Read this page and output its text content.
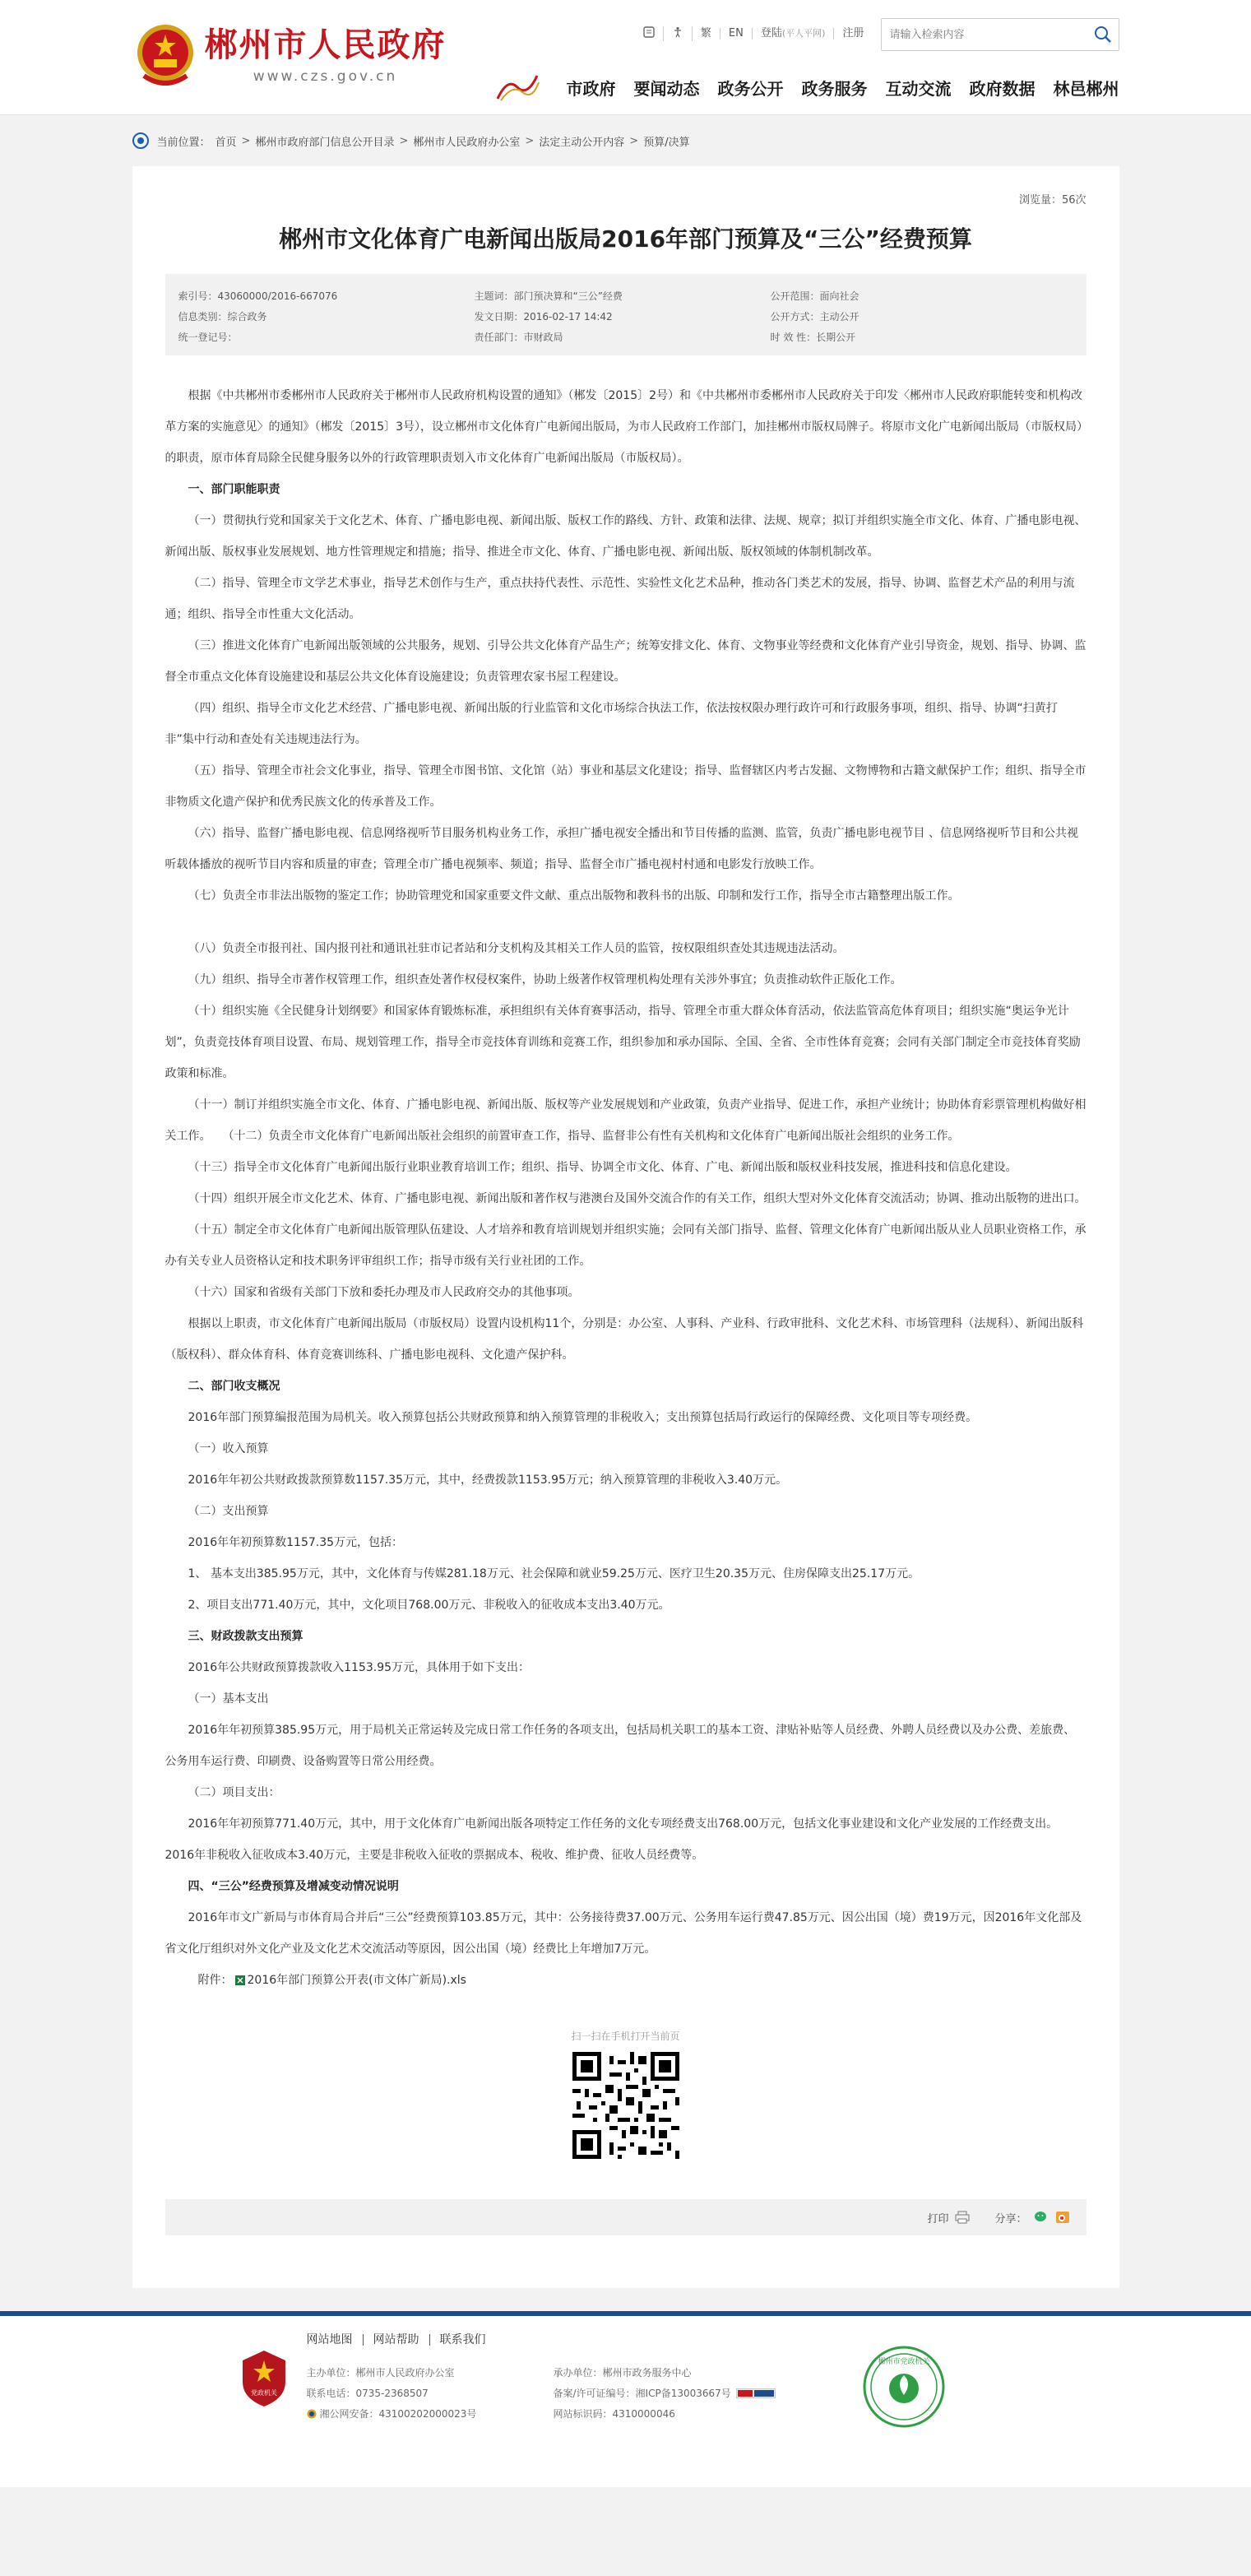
郴州市人民政府
www.czs.gov.cn
繁	EN	登陆(平人平网)	注册
请输入检索内容
市政府 要闻动态 政务公开 政务服务 互动交流 政府数据 林邑郴州
当前位置： 首页 > 郴州市政府部门信息公开目录 > 郴州市人民政府办公室 > 法定主动公开内容 > 预算/决算
浏览量：56次
郴州市文化体育广电新闻出版局2016年部门预算及“三公”经费预算
索引号：43060000/2016-667076	主题词：部门预决算和“三公”经费	公开范围：面向社会
信息类别：综合政务	发文日期：2016-02-17 14:42	公开方式：主动公开
统一登记号：	责任部门：市财政局	时 效 性：长期公开

根据《中共郴州市委郴州市人民政府关于郴州市人民政府机构设置的通知》（郴发〔2015〕2号）和《中共郴州市委郴州市人民政府关于印发〈郴州市人民政府职能转变和机构改革方案的实施意见〉的通知》（郴发〔2015〕3号），设立郴州市文化体育广电新闻出版局，为市人民政府工作部门，加挂郴州市版权局牌子。将原市文化广电新闻出版局（市版权局）的职责，原市体育局除全民健身服务以外的行政管理职责划入市文化体育广电新闻出版局（市版权局）。

一、部门职能职责

（一）贯彻执行党和国家关于文化艺术、体育、广播电影电视、新闻出版、版权工作的路线、方针、政策和法律、法规、规章；拟订并组织实施全市文化、体育、广播电影电视、新闻出版、版权事业发展规划、地方性管理规定和措施；指导、推进全市文化、体育、广播电影电视、新闻出版、版权领域的体制机制改革。

（二）指导、管理全市文学艺术事业，指导艺术创作与生产，重点扶持代表性、示范性、实验性文化艺术品种，推动各门类艺术的发展，指导、协调、监督艺术产品的利用与流通；组织、指导全市性重大文化活动。

（三）推进文化体育广电新闻出版领域的公共服务，规划、引导公共文化体育产品生产；统筹安排文化、体育、文物事业等经费和文化体育产业引导资金，规划、指导、协调、监督全市重点文化体育设施建设和基层公共文化体育设施建设；负责管理农家书屋工程建设。

（四）组织、指导全市文化艺术经营、广播电影电视、新闻出版的行业监管和文化市场综合执法工作，依法按权限办理行政许可和行政服务事项，组织、指导、协调“扫黄打非”集中行动和查处有关违规违法行为。

（五）指导、管理全市社会文化事业，指导、管理全市图书馆、文化馆（站）事业和基层文化建设；指导、监督辖区内考古发掘、文物博物和古籍文献保护工作；组织、指导全市非物质文化遗产保护和优秀民族文化的传承普及工作。

（六）指导、监督广播电影电视、信息网络视听节目服务机构业务工作，承担广播电视安全播出和节目传播的监测、监管，负责广播电影电视节目 、信息网络视听节目和公共视听载体播放的视听节目内容和质量的审查；管理全市广播电视频率、频道；指导、监督全市广播电视村村通和电影发行放映工作。

（七）负责全市非法出版物的鉴定工作；协助管理党和国家重要文件文献、重点出版物和教科书的出版、印制和发行工作，指导全市古籍整理出版工作。

（八）负责全市报刊社、国内报刊社和通讯社驻市记者站和分支机构及其相关工作人员的监管，按权限组织查处其违规违法活动。

（九）组织、指导全市著作权管理工作，组织查处著作权侵权案件，协助上级著作权管理机构处理有关涉外事宜；负责推动软件正版化工作。

（十）组织实施《全民健身计划纲要》和国家体育锻炼标准，承担组织有关体育赛事活动，指导、管理全市重大群众体育活动，依法监管高危体育项目；组织实施“奥运争光计划”，负责竞技体育项目设置、布局、规划管理工作，指导全市竞技体育训练和竞赛工作，组织参加和承办国际、全国、全省、全市性体育竞赛；会同有关部门制定全市竞技体育奖励政策和标准。

（十一）制订并组织实施全市文化、体育、广播电影电视、新闻出版、版权等产业发展规划和产业政策，负责产业指导、促进工作，承担产业统计；协助体育彩票管理机构做好相关工作。　　（十二）负责全市文化体育广电新闻出版社会组织的前置审查工作，指导、监督非公有性有关机构和文化体育广电新闻出版社会组织的业务工作。

（十三）指导全市文化体育广电新闻出版行业职业教育培训工作；组织、指导、协调全市文化、体育、广电、新闻出版和版权业科技发展，推进科技和信息化建设。

（十四）组织开展全市文化艺术、体育、广播电影电视、新闻出版和著作权与港澳台及国外交流合作的有关工作，组织大型对外文化体育交流活动；协调、推动出版物的进出口。

（十五）制定全市文化体育广电新闻出版管理队伍建设、人才培养和教育培训规划并组织实施；会同有关部门指导、监督、管理文化体育广电新闻出版从业人员职业资格工作，承办有关专业人员资格认定和技术职务评审组织工作；指导市级有关行业社团的工作。

（十六）国家和省级有关部门下放和委托办理及市人民政府交办的其他事项。

根据以上职责，市文化体育广电新闻出版局（市版权局）设置内设机构11个，分别是：办公室、人事科、产业科、行政审批科、文化艺术科、市场管理科（法规科）、新闻出版科（版权科）、群众体育科、体育竞赛训练科、广播电影电视科、文化遗产保护科。

二、部门收支概况

2016年部门预算编报范围为局机关。收入预算包括公共财政预算和纳入预算管理的非税收入；支出预算包括局行政运行的保障经费、文化项目等专项经费。

（一）收入预算

2016年年初公共财政拨款预算数1157.35万元，其中，经费拨款1153.95万元；纳入预算管理的非税收入3.40万元。

（二）支出预算

2016年年初预算数1157.35万元，包括：

1、 基本支出385.95万元，其中，文化体育与传媒281.18万元、社会保障和就业59.25万元、医疗卫生20.35万元、住房保障支出25.17万元。

2、项目支出771.40万元，其中，文化项目768.00万元、非税收入的征收成本支出3.40万元。

三、财政拨款支出预算

2016年公共财政预算拨款收入1153.95万元，具体用于如下支出：

（一）基本支出

2016年年初预算385.95万元，用于局机关正常运转及完成日常工作任务的各项支出，包括局机关职工的基本工资、津贴补贴等人员经费、外聘人员经费以及办公费、差旅费、公务用车运行费、印刷费、设备购置等日常公用经费。

（二）项目支出：

2016年年初预算771.40万元，其中，用于文化体育广电新闻出版各项特定工作任务的文化专项经费支出768.00万元，包括文化事业建设和文化产业发展的工作经费支出。2016年非税收入征收成本3.40万元，主要是非税收入征收的票据成本、税收、维护费、征收人员经费等。

四、“三公”经费预算及增减变动情况说明

2016年市文广新局与市体育局合并后“三公”经费预算103.85万元，其中：公务接待费37.00万元、公务用车运行费47.85万元、因公出国（境）费19万元，因2016年文化部及省文化厅组织对外文化产业及文化艺术交流活动等原因，因公出国（境）经费比上年增加7万元。

附件： 2016年部门预算公开表(市文体广新局).xls

扫一扫在手机打开当前页
打印	分享：
党政机关
网站地图	网站帮助	联系我们
主办单位：郴州市人民政府办公室	承办单位：郴州市政务服务中心
联系电话：0735-2368507	备案/许可证编号：湘ICP备13003667号
湘公网安备：43100202000023号	网站标识码：4310000046
郴州市党政机关
